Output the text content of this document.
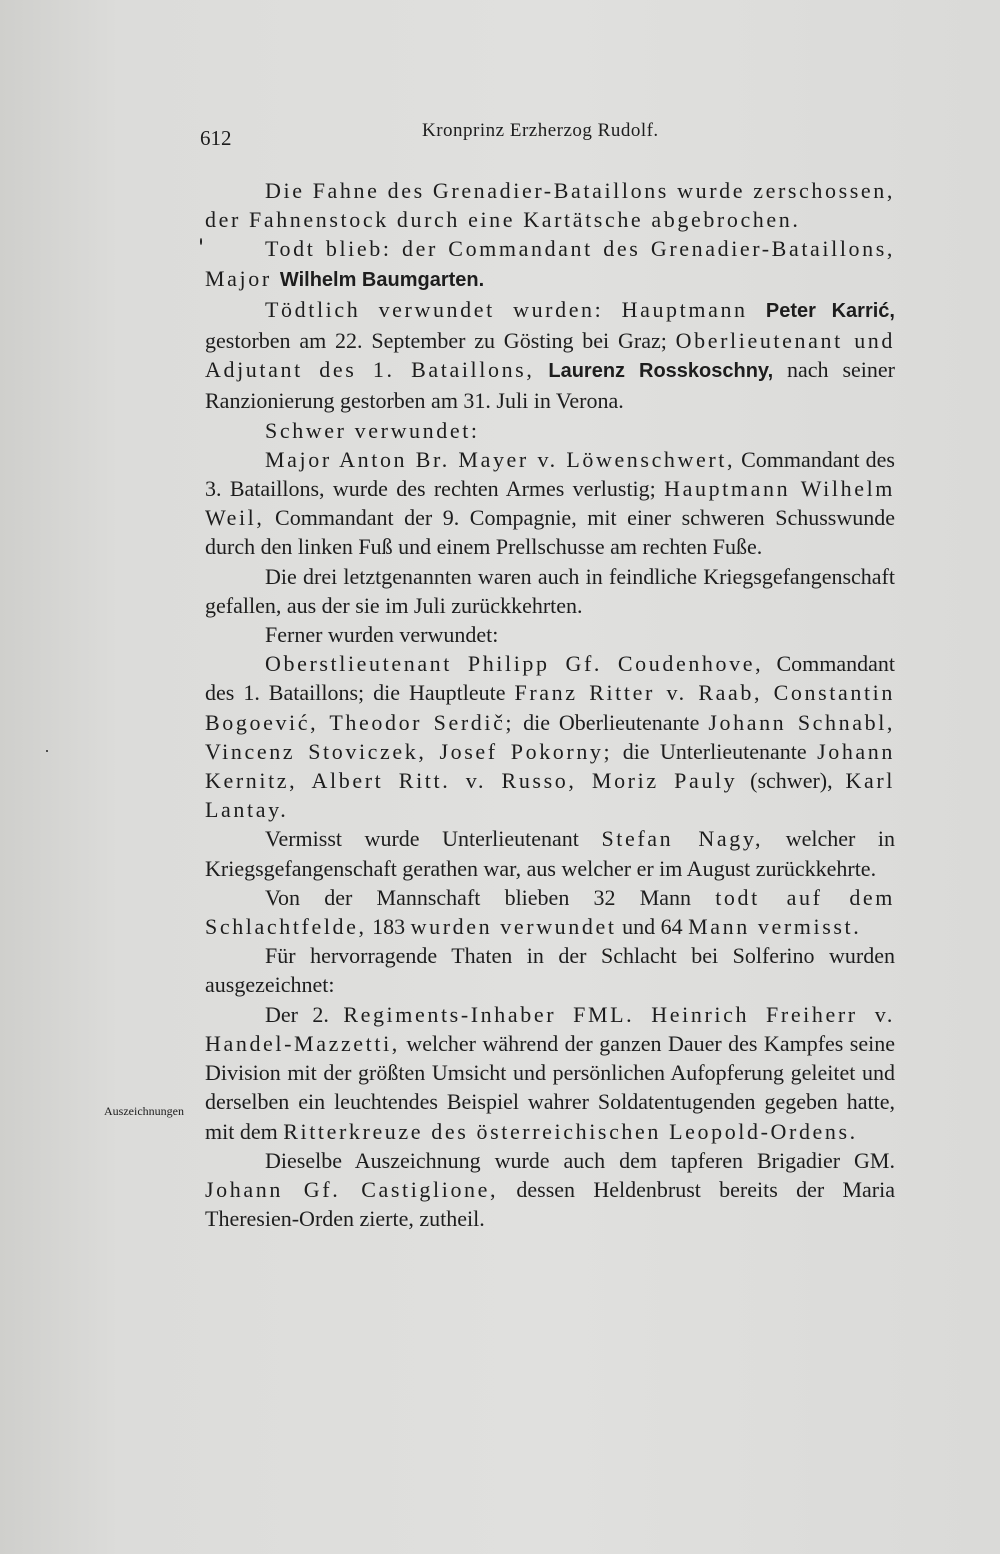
612	Kronprinz Erzherzog Rudolf.
Auszeichnungen

Die Fahne des Grenadier-Bataillons wurde zerschossen, der Fahnenstock durch eine Kartätsche abgebrochen.

Todt blieb: der Commandant des Grenadier-Bataillons, Major Wilhelm Baumgarten.

Tödtlich verwundet wurden: Hauptmann Peter Karrić, gestorben am 22. September zu Gösting bei Graz; Oberlieutenant und Adjutant des 1. Bataillons, Laurenz Rosskoschny, nach seiner Ranzionierung gestorben am 31. Juli in Verona.

Schwer verwundet:

Major Anton Br. Mayer v. Löwenschwert, Commandant des 3. Bataillons, wurde des rechten Armes verlustig; Hauptmann Wilhelm Weil, Commandant der 9. Compagnie, mit einer schweren Schusswunde durch den linken Fuß und einem Prellschusse am rechten Fuße.

Die drei letztgenannten waren auch in feindliche Kriegsgefangenschaft gefallen, aus der sie im Juli zurückkehrten.

Ferner wurden verwundet:

Oberstlieutenant Philipp Gf. Coudenhove, Commandant des 1. Bataillons; die Hauptleute Franz Ritter v. Raab, Constantin Bogoević, Theodor Serdič; die Oberlieutenante Johann Schnabl, Vincenz Stoviczek, Josef Pokorny; die Unterlieutenante Johann Kernitz, Albert Ritt. v. Russo, Moriz Pauly (schwer), Karl Lantay.

Vermisst wurde Unterlieutenant Stefan Nagy, welcher in Kriegsgefangenschaft gerathen war, aus welcher er im August zurückkehrte.

Von der Mannschaft blieben 32 Mann todt auf dem Schlachtfelde, 183 wurden verwundet und 64 Mann vermisst.

Für hervorragende Thaten in der Schlacht bei Solferino wurden ausgezeichnet:

Der 2. Regiments-Inhaber FML. Heinrich Freiherr v. Handel-Mazzetti, welcher während der ganzen Dauer des Kampfes seine Division mit der größten Umsicht und persönlichen Aufopferung geleitet und derselben ein leuchtendes Beispiel wahrer Soldatentugenden gegeben hatte, mit dem Ritterkreuze des österreichischen Leopold-Ordens.

Dieselbe Auszeichnung wurde auch dem tapferen Brigadier GM. Johann Gf. Castiglione, dessen Heldenbrust bereits der Maria Theresien-Orden zierte, zutheil.
